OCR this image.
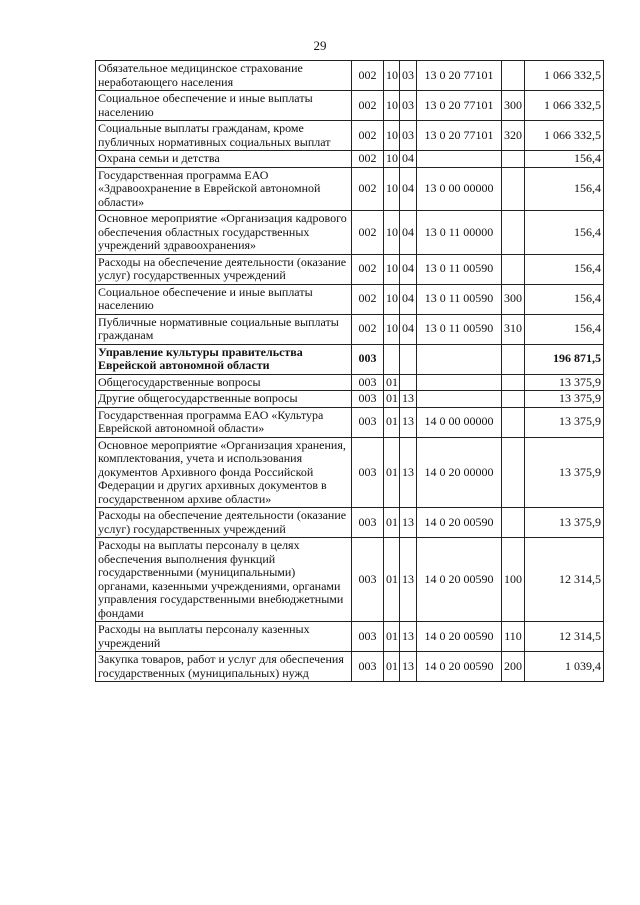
29
Обязательное медицинское страхование неработающего населения	002	10	03	13 0 20 77101		1 066 332,5
Социальное обеспечение и иные выплаты населению	002	10	03	13 0 20 77101	300	1 066 332,5
Социальные выплаты гражданам, кроме публичных нормативных социальных выплат	002	10	03	13 0 20 77101	320	1 066 332,5
Охрана семьи и детства	002	10	04			156,4
Государственная программа ЕАО «Здравоохранение в Еврейской автономной области»	002	10	04	13 0 00 00000		156,4
Основное мероприятие «Организация кадрового обеспечения областных государственных учреждений здравоохранения»	002	10	04	13 0 11 00000		156,4
Расходы на обеспечение деятельности (оказание услуг) государственных учреждений	002	10	04	13 0 11 00590		156,4
Социальное обеспечение и иные выплаты населению	002	10	04	13 0 11 00590	300	156,4
Публичные нормативные социальные выплаты гражданам	002	10	04	13 0 11 00590	310	156,4
Управление культуры правительства Еврейской автономной области	003					196 871,5
Общегосударственные вопросы	003	01				13 375,9
Другие общегосударственные вопросы	003	01	13			13 375,9
Государственная программа ЕАО «Культура Еврейской автономной области»	003	01	13	14 0 00 00000		13 375,9
Основное мероприятие «Организация хранения, комплектования, учета и использования документов Архивного фонда Российской Федерации и других архивных документов в государственном архиве области»	003	01	13	14 0 20 00000		13 375,9
Расходы на обеспечение деятельности (оказание услуг) государственных учреждений	003	01	13	14 0 20 00590		13 375,9
Расходы на выплаты персоналу в целях обеспечения выполнения функций государственными (муниципальными) органами, казенными учреждениями, органами управления государственными внебюджетными фондами	003	01	13	14 0 20 00590	100	12 314,5
Расходы на выплаты персоналу казенных учреждений	003	01	13	14 0 20 00590	110	12 314,5
Закупка товаров, работ и услуг для обеспечения государственных (муниципальных) нужд	003	01	13	14 0 20 00590	200	1 039,4
